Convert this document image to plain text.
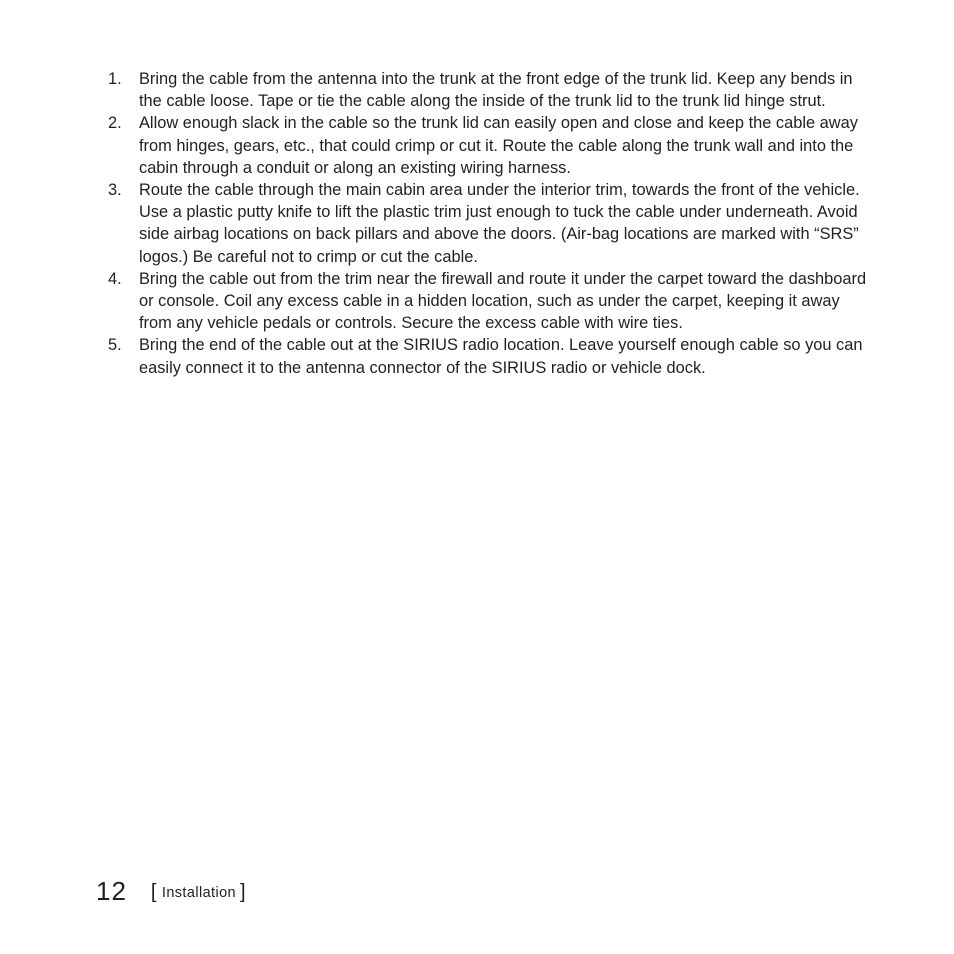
1.	Bring the cable from the antenna into the trunk at the front edge of the trunk lid. Keep any bends in the cable loose. Tape or tie the cable along the inside of the trunk lid to the trunk lid hinge strut.
2.	Allow enough slack in the cable so the trunk lid can easily open and close and keep the cable away from hinges, gears, etc., that could crimp or cut it. Route the cable along the trunk wall and into the cabin through a conduit or along an existing wiring harness.
3.	Route the cable through the main cabin area under the interior trim, towards the front of the vehicle. Use a plastic putty knife to lift the plastic trim just enough to tuck the cable under underneath. Avoid side airbag locations on back pillars and above the doors. (Air-bag locations are marked with “SRS” logos.) Be careful not to crimp or cut the cable.
4.	Bring the cable out from the trim near the firewall and route it under the carpet toward the dashboard or console. Coil any excess cable in a hidden location, such as under the carpet, keeping it away from any vehicle pedals or controls. Secure the excess cable with wire ties.
5.	Bring the end of the cable out at the SIRIUS radio location. Leave yourself enough cable so you can easily connect it to the antenna connector of the SIRIUS radio or vehicle dock.
12 [ Installation ]
